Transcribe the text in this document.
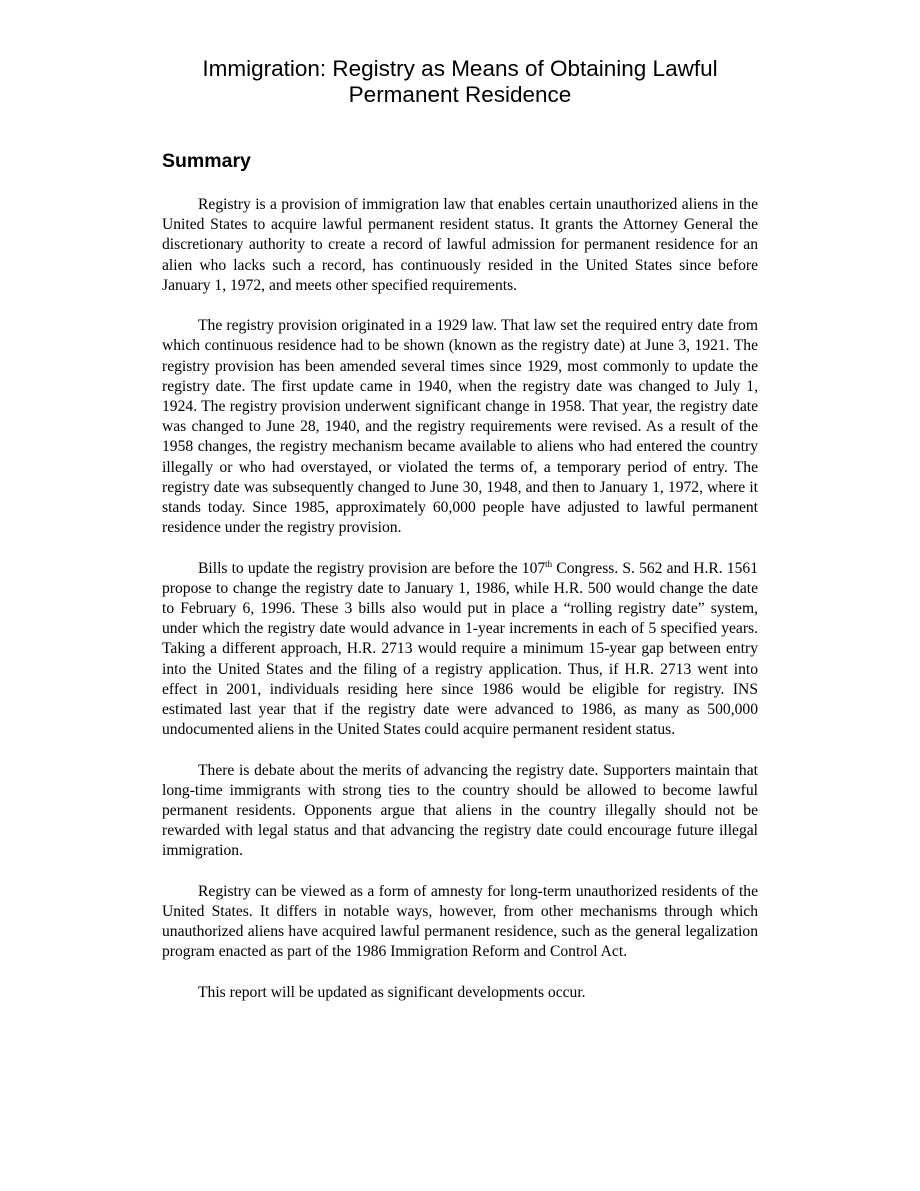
Immigration: Registry as Means of Obtaining Lawful Permanent Residence
Summary

Registry is a provision of immigration law that enables certain unauthorized aliens in the United States to acquire lawful permanent resident status. It grants the Attorney General the discretionary authority to create a record of lawful admission for permanent residence for an alien who lacks such a record, has continuously resided in the United States since before January 1, 1972, and meets other specified requirements.

The registry provision originated in a 1929 law. That law set the required entry date from which continuous residence had to be shown (known as the registry date) at June 3, 1921. The registry provision has been amended several times since 1929, most commonly to update the registry date. The first update came in 1940, when the registry date was changed to July 1, 1924. The registry provision underwent significant change in 1958. That year, the registry date was changed to June 28, 1940, and the registry requirements were revised. As a result of the 1958 changes, the registry mechanism became available to aliens who had entered the country illegally or who had overstayed, or violated the terms of, a temporary period of entry. The registry date was subsequently changed to June 30, 1948, and then to January 1, 1972, where it stands today. Since 1985, approximately 60,000 people have adjusted to lawful permanent residence under the registry provision.

Bills to update the registry provision are before the 107th Congress. S. 562 and H.R. 1561 propose to change the registry date to January 1, 1986, while H.R. 500 would change the date to February 6, 1996. These 3 bills also would put in place a “rolling registry date” system, under which the registry date would advance in 1-year increments in each of 5 specified years. Taking a different approach, H.R. 2713 would require a minimum 15-year gap between entry into the United States and the filing of a registry application. Thus, if H.R. 2713 went into effect in 2001, individuals residing here since 1986 would be eligible for registry. INS estimated last year that if the registry date were advanced to 1986, as many as 500,000 undocumented aliens in the United States could acquire permanent resident status.

There is debate about the merits of advancing the registry date. Supporters maintain that long-time immigrants with strong ties to the country should be allowed to become lawful permanent residents. Opponents argue that aliens in the country illegally should not be rewarded with legal status and that advancing the registry date could encourage future illegal immigration.

Registry can be viewed as a form of amnesty for long-term unauthorized residents of the United States. It differs in notable ways, however, from other mechanisms through which unauthorized aliens have acquired lawful permanent residence, such as the general legalization program enacted as part of the 1986 Immigration Reform and Control Act.

This report will be updated as significant developments occur.
